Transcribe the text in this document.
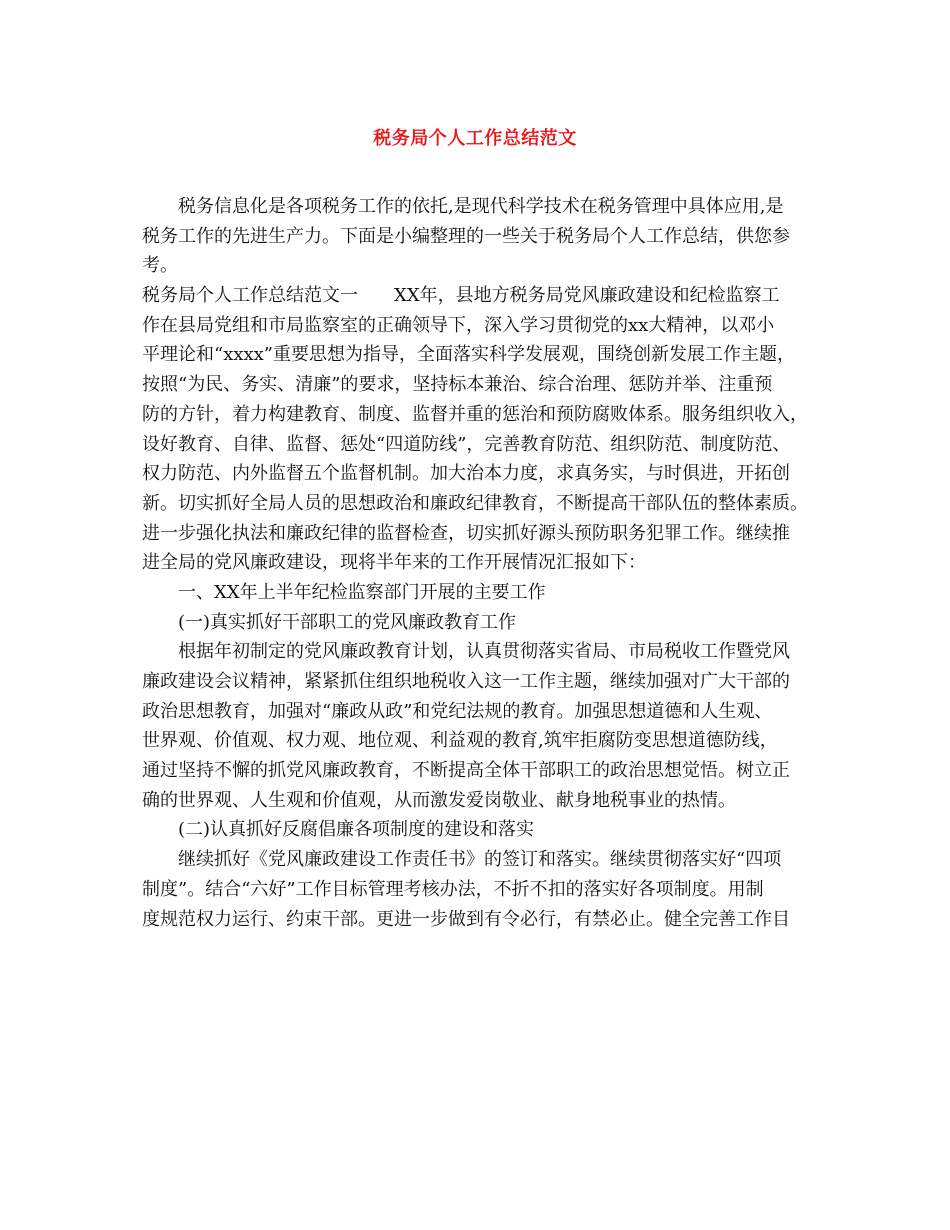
税务局个人工作总结范文
税务信息化是各项税务工作的依托,是现代科学技术在税务管理中具体应用,是
税务工作的先进生产力。下面是小编整理的一些关于税务局个人工作总结，供您参
考。
税务局个人工作总结范文一　　XX年，县地方税务局党风廉政建设和纪检监察工
作在县局党组和市局监察室的正确领导下，深入学习贯彻党的xx大精神，以邓小
平理论和“xxxx”重要思想为指导，全面落实科学发展观，围绕创新发展工作主题，
按照“为民、务实、清廉”的要求，坚持标本兼治、综合治理、惩防并举、注重预
防的方针，着力构建教育、制度、监督并重的惩治和预防腐败体系。服务组织收入，
设好教育、自律、监督、惩处“四道防线”，完善教育防范、组织防范、制度防范、
权力防范、内外监督五个监督机制。加大治本力度，求真务实，与时俱进，开拓创
新。切实抓好全局人员的思想政治和廉政纪律教育，不断提高干部队伍的整体素质。
进一步强化执法和廉政纪律的监督检查，切实抓好源头预防职务犯罪工作。继续推
进全局的党风廉政建设，现将半年来的工作开展情况汇报如下：
一、XX年上半年纪检监察部门开展的主要工作
(一)真实抓好干部职工的党风廉政教育工作
根据年初制定的党风廉政教育计划，认真贯彻落实省局、市局税收工作暨党风
廉政建设会议精神，紧紧抓住组织地税收入这一工作主题，继续加强对广大干部的
政治思想教育，加强对“廉政从政”和党纪法规的教育。加强思想道德和人生观、
世界观、价值观、权力观、地位观、利益观的教育,筑牢拒腐防变思想道德防线，
通过坚持不懈的抓党风廉政教育，不断提高全体干部职工的政治思想觉悟。树立正
确的世界观、人生观和价值观，从而激发爱岗敬业、献身地税事业的热情。
(二)认真抓好反腐倡廉各项制度的建设和落实
继续抓好《党风廉政建设工作责任书》的签订和落实。继续贯彻落实好“四项
制度”。结合“六好”工作目标管理考核办法，不折不扣的落实好各项制度。用制
度规范权力运行、约束干部。更进一步做到有令必行，有禁必止。健全完善工作目
